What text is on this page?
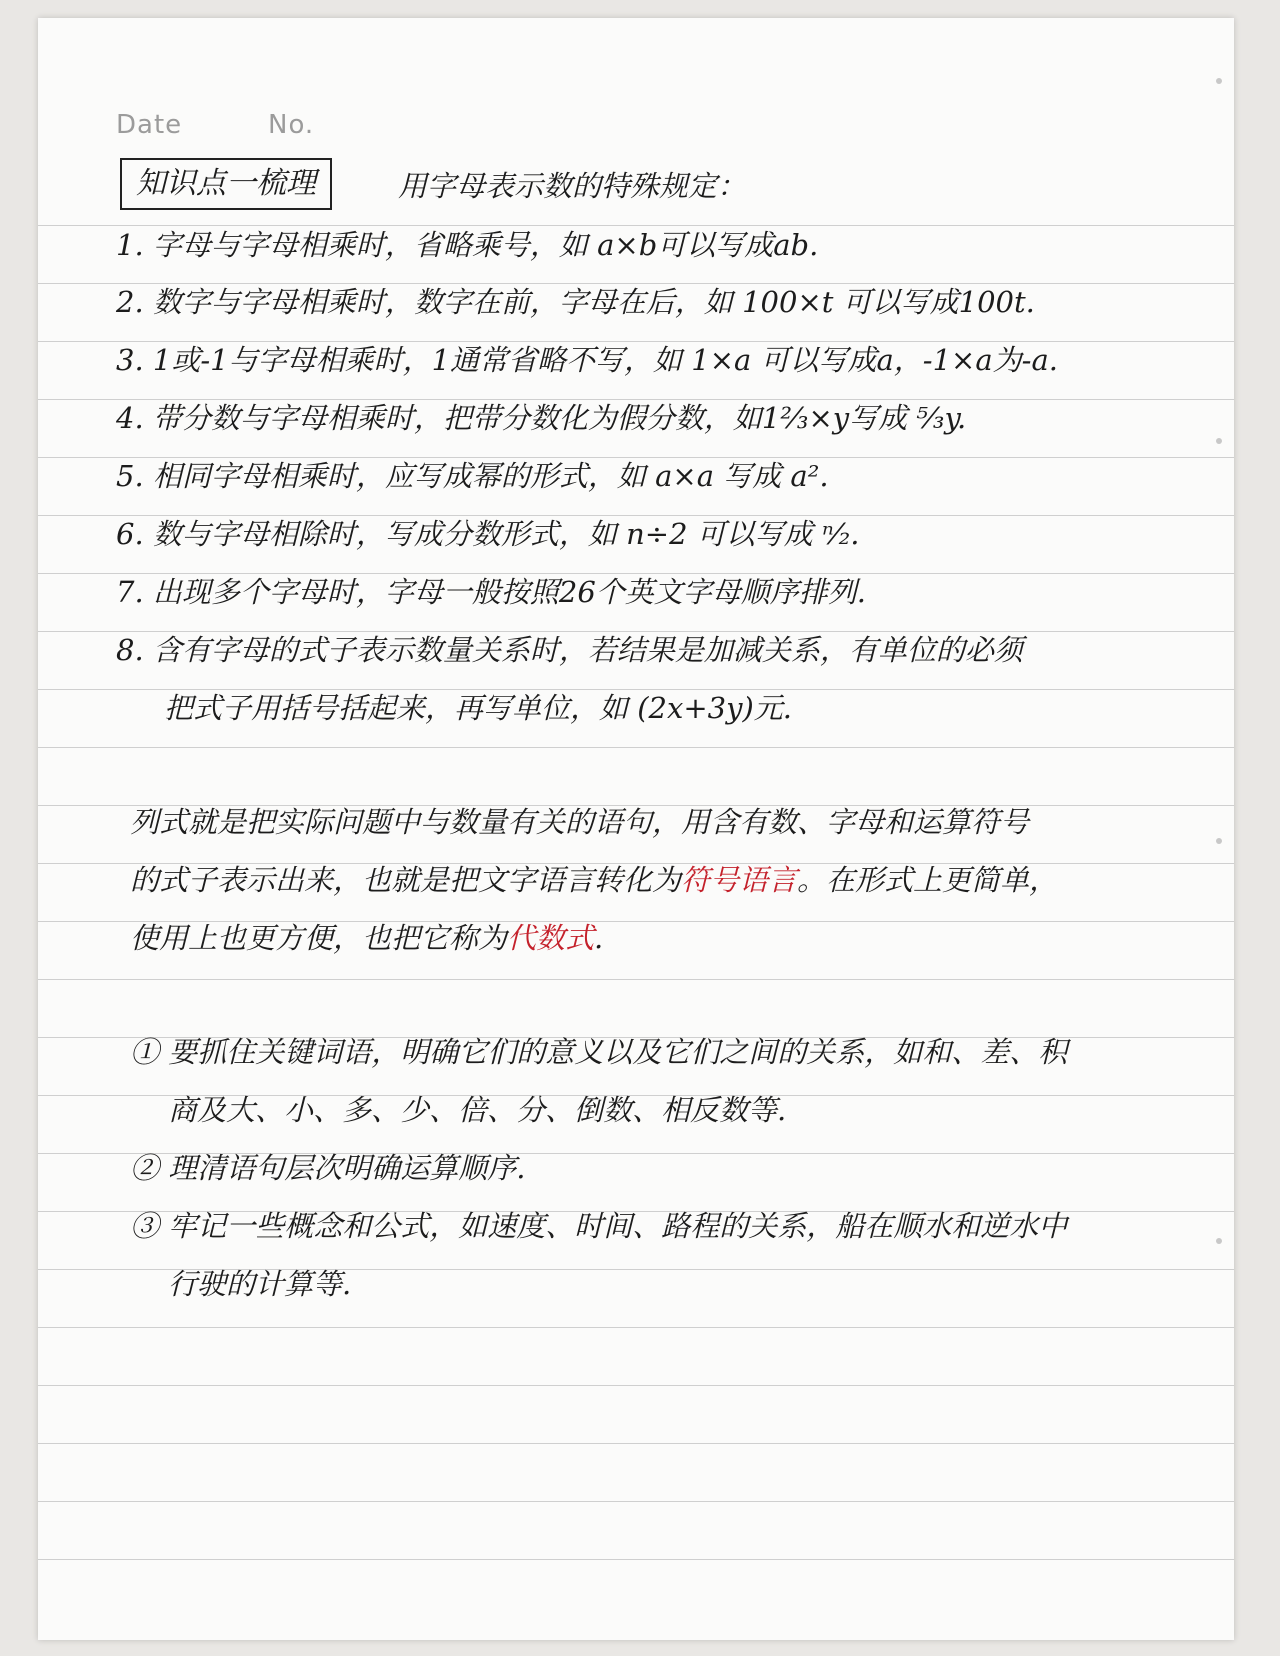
Date	No.
知识点一梳理	用字母表示数的特殊规定：
1. 字母与字母相乘时，省略乘号，如 a×b可以写成ab.
2. 数字与字母相乘时，数字在前，字母在后，如 100×t 可以写成100t.
3. 1或-1与字母相乘时，1通常省略不写，如 1×a 可以写成a，-1×a为-a.
4. 带分数与字母相乘时，把带分数化为假分数，如1⅔×y写成 ⁵⁄₃y.
5. 相同字母相乘时，应写成幂的形式，如 a×a 写成 a².
6. 数与字母相除时，写成分数形式，如 n÷2 可以写成 ⁿ⁄₂.
7. 出现多个字母时，字母一般按照26个英文字母顺序排列.
8. 含有字母的式子表示数量关系时，若结果是加减关系，有单位的必须
把式子用括号括起来，再写单位，如 (2x+3y)元.
列式就是把实际问题中与数量有关的语句，用含有数、字母和运算符号
的式子表示出来，也就是把文字语言转化为符号语言。在形式上更简单，
使用上也更方便，也把它称为代数式.
① 要抓住关键词语，明确它们的意义以及它们之间的关系，如和、差、积
商及大、小、多、少、倍、分、倒数、相反数等.
② 理清语句层次明确运算顺序.
③ 牢记一些概念和公式，如速度、时间、路程的关系，船在顺水和逆水中
行驶的计算等.
